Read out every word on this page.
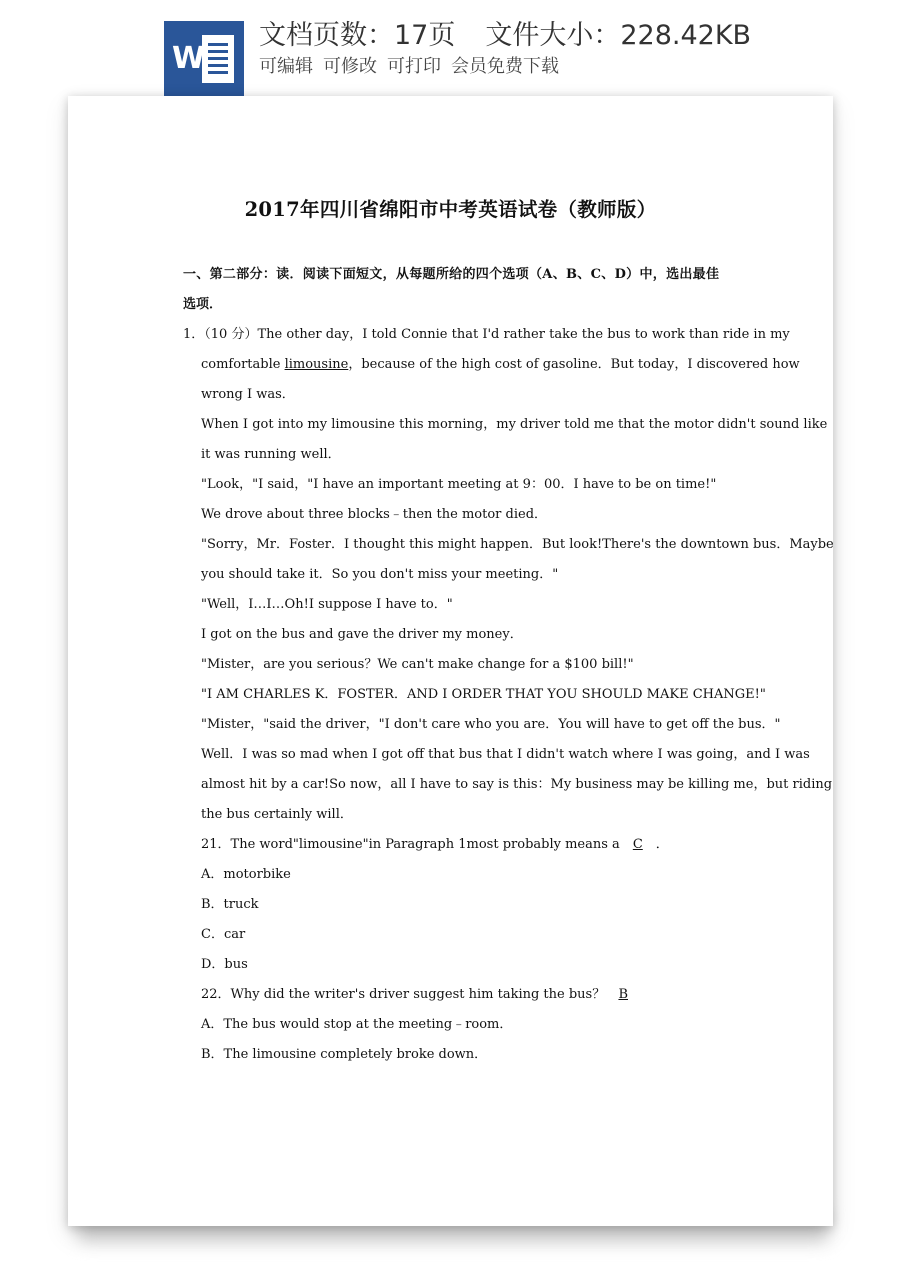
W
文档页数：17页 文件大小：228.42KB
可编辑 可修改 可打印 会员免费下载
2017年四川省绵阳市中考英语试卷（教师版）
一、第二部分：读．阅读下面短文，从每题所给的四个选项（A、B、C、D）中，选出最佳
选项．
1．（10 分）The other day，I told Connie that I'd rather take the bus to work than ride in my
comfortable limousine，because of the high cost of gasoline．But today，I discovered how
wrong I was．
When I got into my limousine this morning，my driver told me that the motor didn't sound like
it was running well．
"Look，"I said，"I have an important meeting at 9：00．I have to be on time!"
We drove about three blocks﹣then the motor died．
"Sorry，Mr．Foster．I thought this might happen．But look!There's the downtown bus．Maybe
you should take it．So you don't miss your meeting．"
"Well，I…I…Oh!I suppose I have to．"
I got on the bus and gave the driver my money．
"Mister，are you serious？We can't make change for a $100 bill!"
"I AM CHARLES K．FOSTER．AND I ORDER THAT YOU SHOULD MAKE CHANGE!"
"Mister，"said the driver，"I don't care who you are．You will have to get off the bus．"
Well．I was so mad when I got off that bus that I didn't watch where I was going，and I was
almost hit by a car!So now，all I have to say is this：My business may be killing me，but riding
the bus certainly will．
21．The word"limousine"in Paragraph 1most probably means a C ．
A．motorbike
B．truck
C．car
D．bus
22．Why did the writer's driver suggest him taking the bus？ B
A．The bus would stop at the meeting﹣room．
B．The limousine completely broke down．
